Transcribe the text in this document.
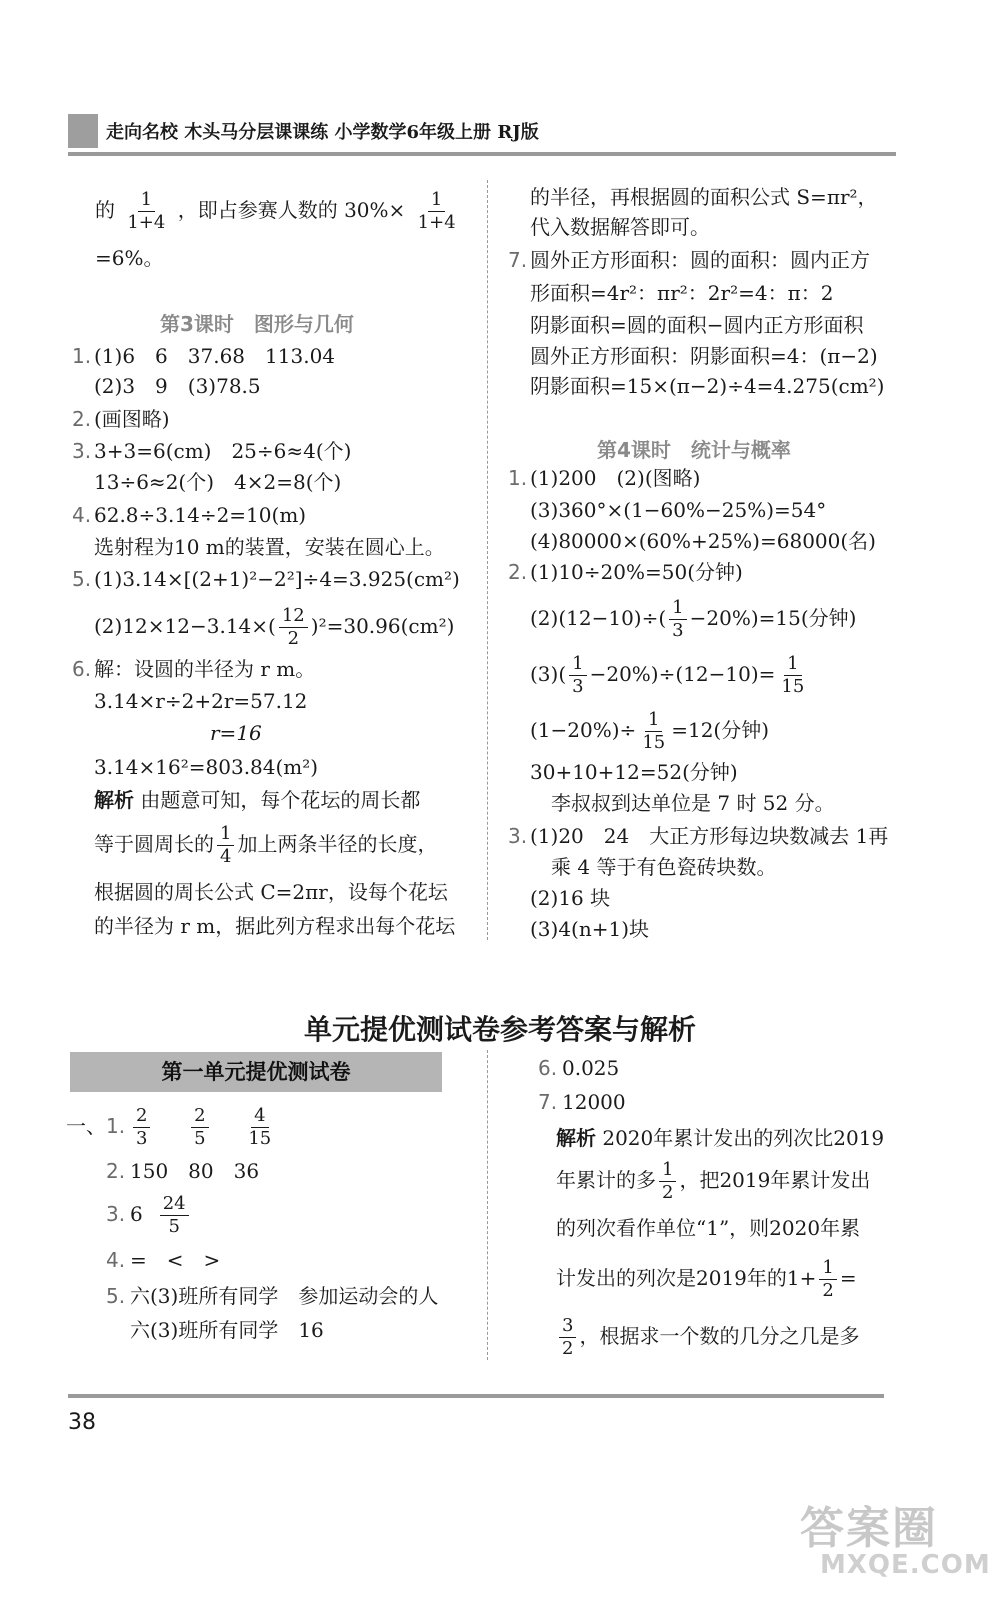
走向名校 木头马分层课课练 小学数学6年级上册 RJ版
的 $\frac{1}{1+4}$ ，即占参赛人数的 $30\%\times \frac{1}{1+4}$
=6%。
第3课时　图形与几何
1. (1)6　6　37.68　113.04
(2)3　9　(3)78.5
2. (画图略)
3. 3+3=6(cm)　25÷6≈4(个)
13÷6≈2(个)　4×2=8(个)
4. 62.8÷3.14÷2=10(m)
选射程为10 m的装置，安装在圆心上。
5. (1)3.14×[(2+1)²−2²]÷4=3.925(cm²)
$(2)12\times 12-3.14\times( \frac{12}{2} )^2=30.96(cm^2)$
6. 解：设圆的半径为 r m。
3.14×r÷2+2r=57.12
r=16
3.14×16²=803.84(m²)
解析 由题意可知，每个花坛的周长都
等于圆周长的 $\frac{1}{4}$ 加上两条半径的长度，
根据圆的周长公式 C=2πr，设每个花坛
的半径为 r m，据此列方程求出每个花坛
的半径，再根据圆的面积公式 S=πr²，
代入数据解答即可。
7. 圆外正方形面积：圆的面积：圆内正方
形面积=4r²：πr²：2r²=4：π：2
阴影面积=圆的面积−圆内正方形面积
圆外正方形面积：阴影面积=4：(π−2)
阴影面积=15×(π−2)÷4=4.275(cm²)
第4课时　统计与概率
1. (1)200　(2)(图略)
(3)360°×(1−60%−25%)=54°
(4)80000×(60%+25%)=68000(名)
2. (1)10÷20%=50(分钟)
$(2)(12-10)\div( \frac{1}{3} -20\%)=15$(分钟)
$(3)( \frac{1}{3} -20\%)\div(12-10)= \frac{1}{15}$
$(1-20\%)\div \frac{1}{15} =12$(分钟)
30+10+12=52(分钟)
李叔叔到达单位是 7 时 52 分。
3. (1)20　24　大正方形每边块数减去 1再
乘 4 等于有色瓷砖块数。
(2)16 块
(3)4(n+1)块
单元提优测试卷参考答案与解析
第一单元提优测试卷
一、 1. $\frac{2}{3}$
$\frac{2}{5}$
$\frac{4}{15}$
2. 150　80　36
3. $6 \frac{24}{5}$
4. =　<　>
5. 六(3)班所有同学　参加运动会的人
六(3)班所有同学　16
6. 0.025
7. 12000
解析 2020年累计发出的列次比2019
年累计的多 $\frac{1}{2}$ ，把2019年累计发出
的列次看作单位“1”，则2020年累
计发出的列次是2019年的$1+ \frac{1}{2}$ =
$\frac{3}{2}$ ，根据求一个数的几分之几是多
38
答案圈
MXQE.COM
